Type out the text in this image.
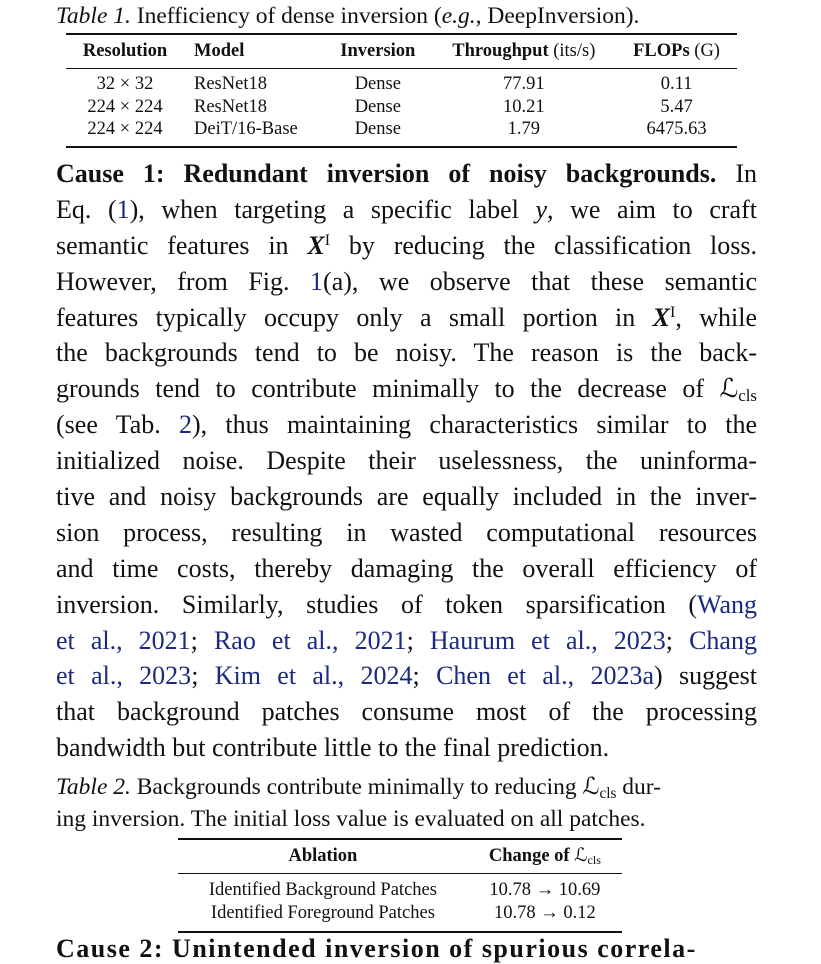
Table 1. Inefficiency of dense inversion (e.g., DeepInversion).
Resolution	Model	Inversion	Throughput (its/s)	FLOPs (G)
32 × 32	ResNet18	Dense	77.91	0.11
224 × 224	ResNet18	Dense	10.21	5.47
224 × 224	DeiT/16-Base	Dense	1.79	6475.63
Cause 1: Redundant inversion of noisy backgrounds. In
Eq. (1), when targeting a specific label y, we aim to craft
semantic features in $X^I$ by reducing the classification loss.
However, from Fig. 1(a), we observe that these semantic
features typically occupy only a small portion in $X^I$, while
the backgrounds tend to be noisy. The reason is the back-
grounds tend to contribute minimally to the decrease of ℒ$_{cls}$
(see Tab. 2), thus maintaining characteristics similar to the
initialized noise. Despite their uselessness, the uninforma-
tive and noisy backgrounds are equally included in the inver-
sion process, resulting in wasted computational resources
and time costs, thereby damaging the overall efficiency of
inversion. Similarly, studies of token sparsification (Wang
et al., 2021; Rao et al., 2021; Haurum et al., 2023; Chang
et al., 2023; Kim et al., 2024; Chen et al., 2023a) suggest
that background patches consume most of the processing
bandwidth but contribute little to the final prediction.
Table 2. Backgrounds contribute minimally to reducing ℒ$_{cls}$ dur-
ing inversion. The initial loss value is evaluated on all patches.
Ablation	Change of ℒ$_{cls}$
Identified Background Patches	10.78 → 10.69
Identified Foreground Patches	10.78 → 0.12
Cause 2: Unintended inversion of spurious correla-
